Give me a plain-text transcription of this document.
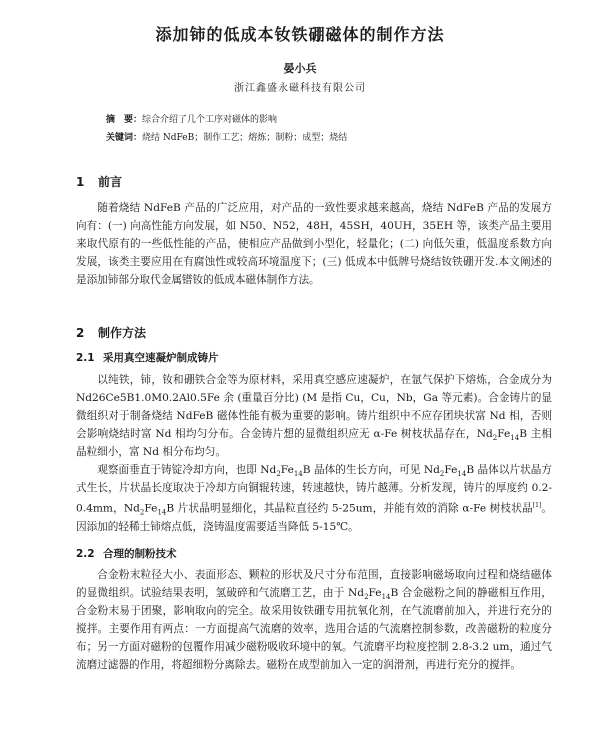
添加铈的低成本钕铁硼磁体的制作方法
晏小兵
浙江鑫盛永磁科技有限公司
摘　要：综合介绍了几个工序对磁体的影响
关键词：烧结 NdFeB；制作工艺；熔炼；制粉；成型；烧结
1 前言

随着烧结 NdFeB 产品的广泛应用，对产品的一致性要求越来越高，烧结 NdFeB 产品的发展方向有：(一) 向高性能方向发展，如 N50、N52，48H，45SH，40UH，35EH 等，该类产品主要用来取代原有的一些低性能的产品，使相应产品做到小型化，轻量化；(二) 向低矢重，低温度系数方向发展，该类主要应用在有腐蚀性或较高环境温度下；(三) 低成本中低牌号烧结钕铁硼开发.本文阐述的是添加铈部分取代金属镨钕的低成本磁体制作方法。

2 制作方法
2.1 采用真空速凝炉制成铸片

以纯铁，铈，钕和硼铁合金等为原材料，采用真空感应速凝炉，在氩气保护下熔炼，合金成分为 Nd26Ce5B1.0M0.2Al0.5Fe 余 (重量百分比) (M 是指 Cu，Cu，Nb，Ga 等元素)。合金铸片的显微组织对于制备烧结 NdFeB 磁体性能有极为重要的影响。铸片组织中不应存团块状富 Nd 相，否则会影响烧结时富 Nd 相均匀分布。合金铸片想的显微组织应无 α-Fe 树枝状晶存在，$Nd_2Fe_{14}B$ 主相晶粒细小，富 Nd 相分布均匀。

观察面垂直于铸锭冷却方向，也即 $Nd_2Fe_{14}B$ 晶体的生长方向，可见 $Nd_2Fe_{14}B$ 晶体以片状晶方式生长，片状晶长度取决于冷却方向铜辊转速，转速越快，铸片越薄。分析发现，铸片的厚度约 0.2-0.4mm，$Nd_2Fe_{14}B$ 片状晶明显细化，其晶粒直径约 5-25um，并能有效的消除 α-Fe 树枝状晶[1]。因添加的轻稀土铈熔点低，浇铸温度需要适当降低 5-15℃。

2.2 合理的制粉技术

合金粉末粒径大小、表面形态、颗粒的形状及尺寸分布范围，直接影响磁场取向过程和烧结磁体的显微组织。试验结果表明，氢破碎和气流磨工艺，由于 $Nd_2Fe_{14}B$ 合金磁粉之间的静磁相互作用，合金粉末易于团聚，影响取向的完全。故采用钕铁硼专用抗氧化剂，在气流磨前加入，并进行充分的搅拌。主要作用有两点：一方面提高气流磨的效率，选用合适的气流磨控制参数，改善磁粉的粒度分布；另一方面对磁粉的包覆作用减少磁粉吸收环境中的氧。气流磨平均粒度控制 2.8-3.2 um，通过气流磨过滤器的作用，将超细粉分离除去。磁粉在成型前加入一定的润滑剂，再进行充分的搅拌。
